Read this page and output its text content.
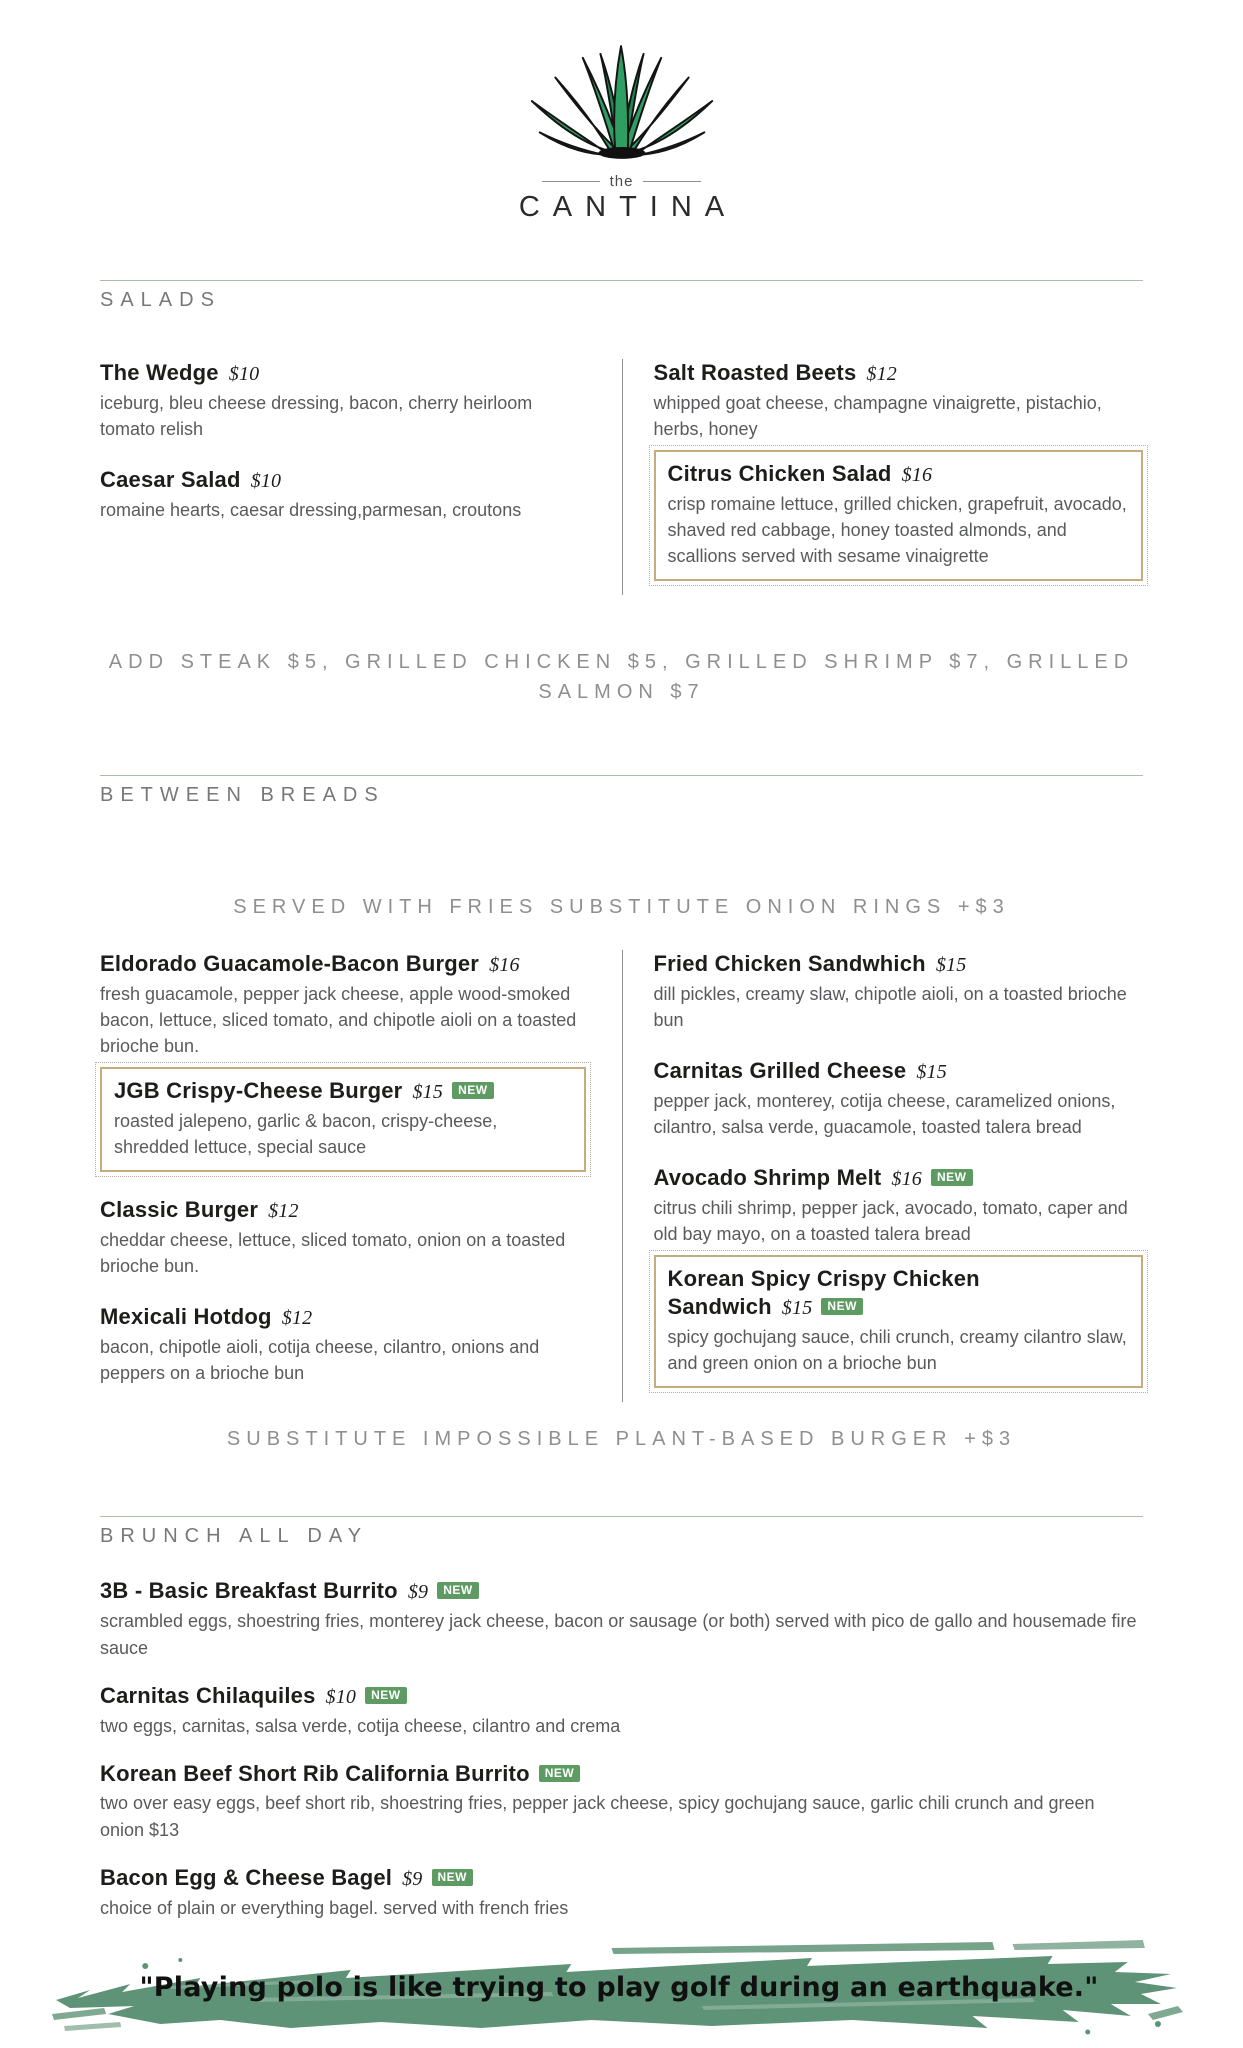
the
CANTINA
SALADS
The Wedge $10

iceburg, bleu cheese dressing, bacon, cherry heirloom tomato relish

Caesar Salad $10

romaine hearts, caesar dressing,parmesan, croutons

Salt Roasted Beets $12

whipped goat cheese, champagne vinaigrette, pistachio, herbs, honey

Citrus Chicken Salad $16

crisp romaine lettuce, grilled chicken, grapefruit, avocado, shaved red cabbage, honey toasted almonds, and scallions served with sesame vinaigrette

ADD STEAK $5, GRILLED CHICKEN $5, GRILLED SHRIMP $7, GRILLED SALMON $7

BETWEEN BREADS

SERVED WITH FRIES SUBSTITUTE ONION RINGS +$3

Eldorado Guacamole-Bacon Burger $16

fresh guacamole, pepper jack cheese, apple wood-smoked bacon, lettuce, sliced tomato, and chipotle aioli on a toasted brioche bun.

JGB Crispy-Cheese Burger $15 NEW

roasted jalepeno, garlic & bacon, crispy-cheese, shredded lettuce, special sauce

Classic Burger $12

cheddar cheese, lettuce, sliced tomato, onion on a toasted brioche bun.

Mexicali Hotdog $12

bacon, chipotle aioli, cotija cheese, cilantro, onions and peppers on a brioche bun

Fried Chicken Sandwhich $15

dill pickles, creamy slaw, chipotle aioli, on a toasted brioche bun

Carnitas Grilled Cheese $15

pepper jack, monterey, cotija cheese, caramelized onions, cilantro, salsa verde, guacamole, toasted talera bread

Avocado Shrimp Melt $16 NEW

citrus chili shrimp, pepper jack, avocado, tomato, caper and old bay mayo, on a toasted talera bread

Korean Spicy Crispy Chicken Sandwich $15 NEW

spicy gochujang sauce, chili crunch, creamy cilantro slaw, and green onion on a brioche bun

SUBSTITUTE IMPOSSIBLE PLANT-BASED BURGER +$3

BRUNCH ALL DAY
3B - Basic Breakfast Burrito $9 NEW

scrambled eggs, shoestring fries, monterey jack cheese, bacon or sausage (or both) served with pico de gallo and housemade fire sauce

Carnitas Chilaquiles $10 NEW

two eggs, carnitas, salsa verde, cotija cheese, cilantro and crema

Korean Beef Short Rib California Burrito NEW

two over easy eggs, beef short rib, shoestring fries, pepper jack cheese, spicy gochujang sauce, garlic chili crunch and green onion $13

Bacon Egg & Cheese Bagel $9 NEW

choice of plain or everything bagel. served with french fries

"Playing polo is like trying to play golf during an earthquake."
